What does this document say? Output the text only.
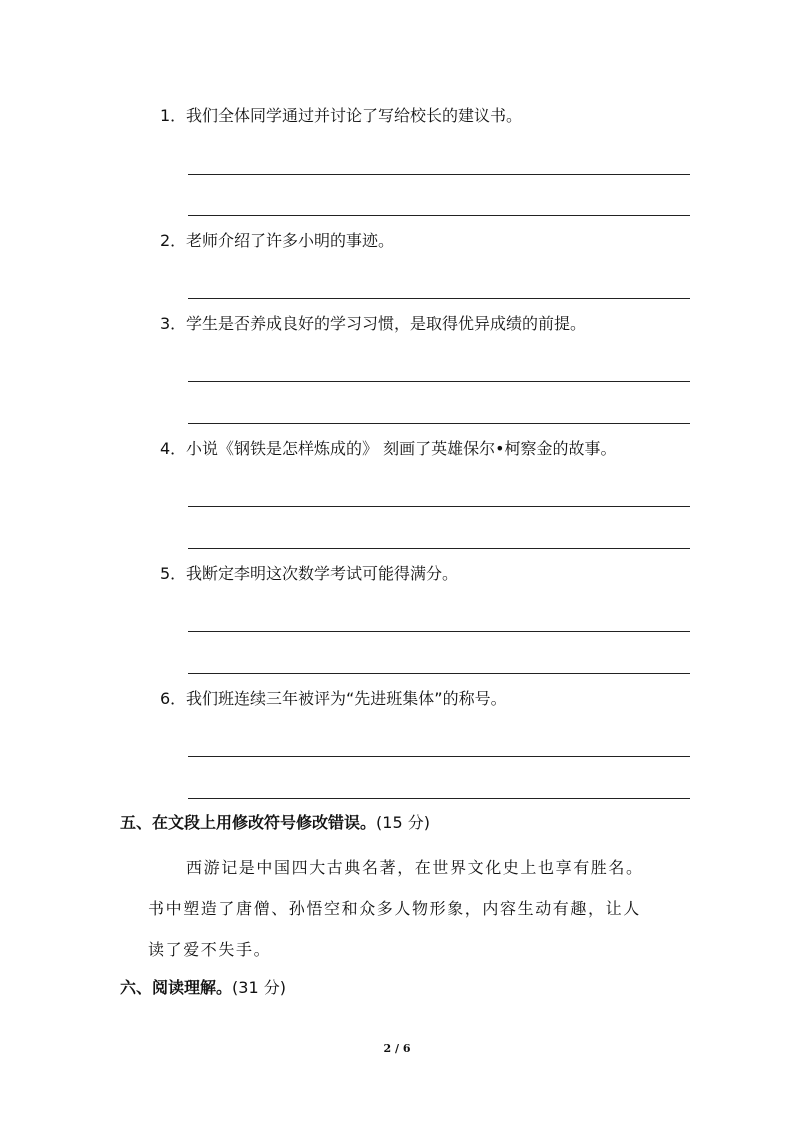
1．我们全体同学通过并讨论了写给校长的建议书。
2．老师介绍了许多小明的事迹。
3．学生是否养成良好的学习习惯，是取得优异成绩的前提。
4．小说《钢铁是怎样炼成的》 刻画了英雄保尔•柯察金的故事。
5．我断定李明这次数学考试可能得满分。
6．我们班连续三年被评为“先进班集体”的称号。
五、在文段上用修改符号修改错误。(15 分)
西游记是中国四大古典名著，在世界文化史上也享有胜名。
书中塑造了唐僧、孙悟空和众多人物形象，内容生动有趣，让人
读了爱不失手。
六、阅读理解。(31 分)
2 / 6
